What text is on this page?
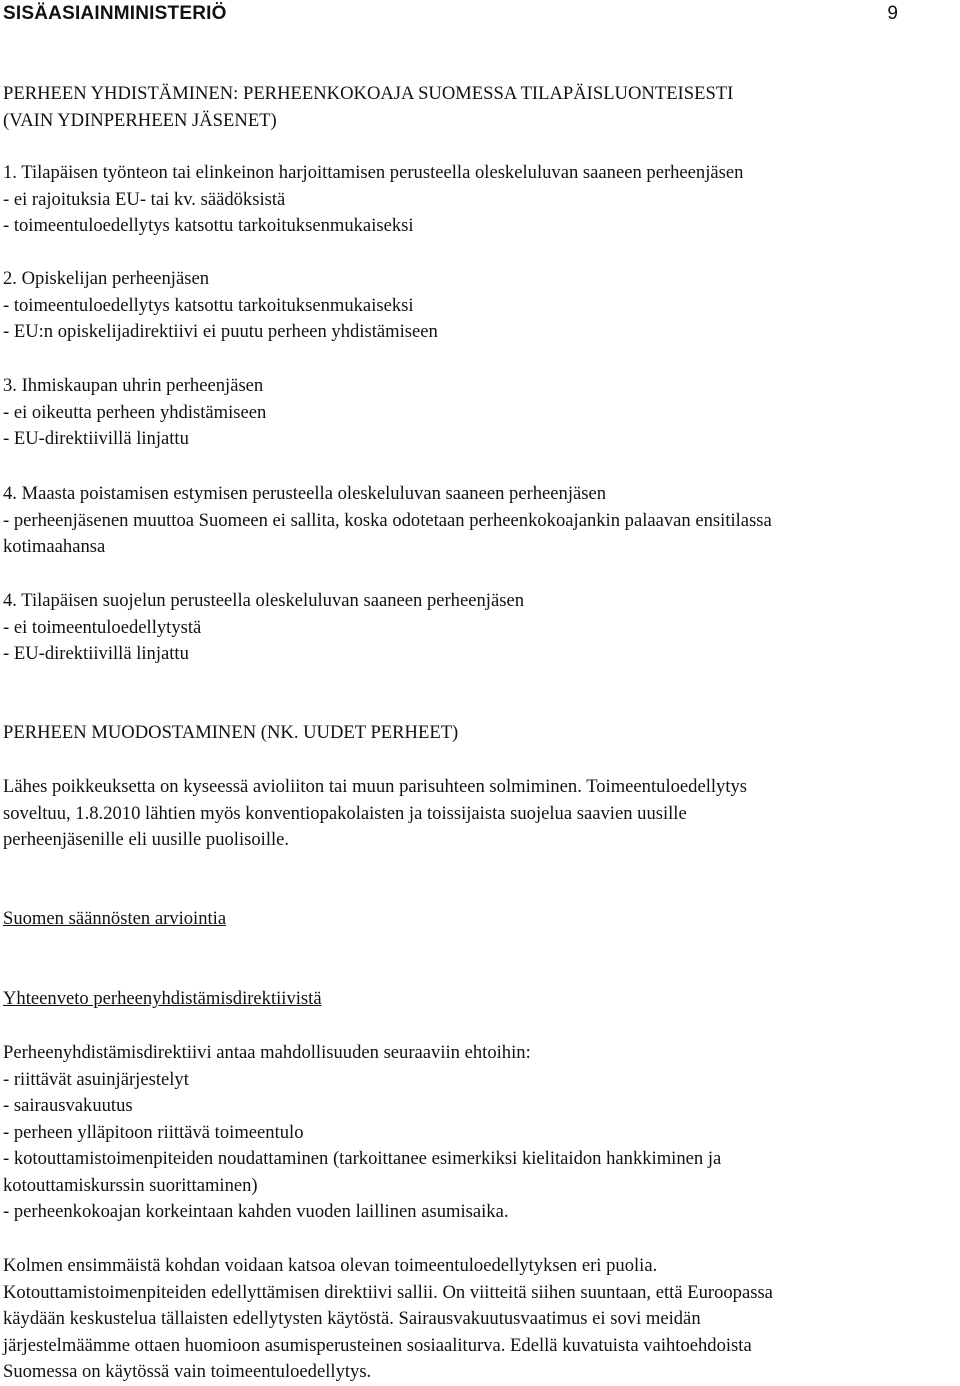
SISÄASIAINMINISTERIÖ	9
PERHEEN YHDISTÄMINEN: PERHEENKOKOAJA SUOMESSA TILAPÄISLUONTEISESTI
(VAIN YDINPERHEEN JÄSENET)
1. Tilapäisen työnteon tai elinkeinon harjoittamisen perusteella oleskeluluvan saaneen perheenjäsen
- ei rajoituksia EU- tai kv. säädöksistä
- toimeentuloedellytys katsottu tarkoituksenmukaiseksi
2. Opiskelijan perheenjäsen
- toimeentuloedellytys katsottu tarkoituksenmukaiseksi
- EU:n opiskelijadirektiivi ei puutu perheen yhdistämiseen
3. Ihmiskaupan uhrin perheenjäsen
- ei oikeutta perheen yhdistämiseen
- EU-direktiivillä linjattu
4. Maasta poistamisen estymisen perusteella oleskeluluvan saaneen perheenjäsen
- perheenjäsenen muuttoa Suomeen ei sallita, koska odotetaan perheenkokoajankin palaavan ensitilassa
kotimaahansa
4. Tilapäisen suojelun perusteella oleskeluluvan saaneen perheenjäsen
- ei toimeentuloedellytystä
- EU-direktiivillä linjattu
PERHEEN MUODOSTAMINEN (NK. UUDET PERHEET)
Lähes poikkeuksetta on kyseessä avioliiton tai muun parisuhteen solmiminen. Toimeentuloedellytys
soveltuu, 1.8.2010 lähtien myös konventiopakolaisten ja toissijaista suojelua saavien uusille
perheenjäsenille eli uusille puolisoille.
Suomen säännösten arviointia
Yhteenveto perheenyhdistämisdirektiivistä
Perheenyhdistämisdirektiivi antaa mahdollisuuden seuraaviin ehtoihin:
- riittävät asuinjärjestelyt
- sairausvakuutus
- perheen ylläpitoon riittävä toimeentulo
- kotouttamistoimenpiteiden noudattaminen (tarkoittanee esimerkiksi kielitaidon hankkiminen ja
kotouttamiskurssin suorittaminen)
- perheenkokoajan korkeintaan kahden vuoden laillinen asumisaika.
Kolmen ensimmäistä kohdan voidaan katsoa olevan toimeentuloedellytyksen eri puolia.
Kotouttamistoimenpiteiden edellyttämisen direktiivi sallii. On viitteitä siihen suuntaan, että Euroopassa
käydään keskustelua tällaisten edellytysten käytöstä. Sairausvakuutusvaatimus ei sovi meidän
järjestelmäämme ottaen huomioon asumisperusteinen sosiaaliturva. Edellä kuvatuista vaihtoehdoista
Suomessa on käytössä vain toimeentuloedellytys.
